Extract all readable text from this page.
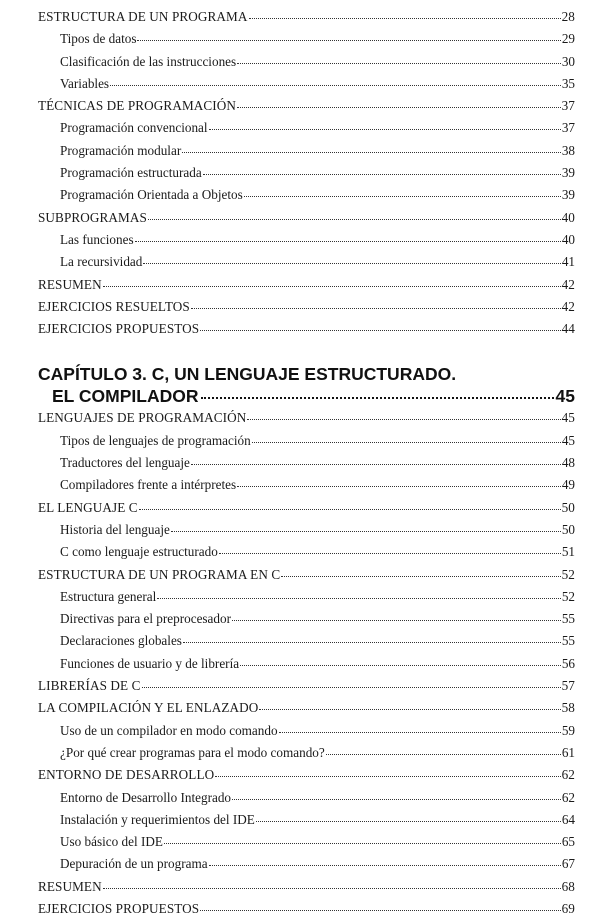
ESTRUCTURA DE UN PROGRAMA	28
Tipos de datos	29
Clasificación de las instrucciones	30
Variables	35
TÉCNICAS DE PROGRAMACIÓN	37
Programación convencional	37
Programación modular	38
Programación estructurada	39
Programación Orientada a Objetos	39
SUBPROGRAMAS	40
Las funciones	40
La recursividad	41
RESUMEN	42
EJERCICIOS RESUELTOS	42
EJERCICIOS PROPUESTOS	44
CAPÍTULO 3. C, UN LENGUAJE ESTRUCTURADO.
EL COMPILADOR	45
LENGUAJES DE PROGRAMACIÓN	45
Tipos de lenguajes de programación	45
Traductores del lenguaje	48
Compiladores frente a intérpretes	49
EL LENGUAJE C	50
Historia del lenguaje	50
C como lenguaje estructurado	51
ESTRUCTURA DE UN PROGRAMA EN C	52
Estructura general	52
Directivas para el preprocesador	55
Declaraciones globales	55
Funciones de usuario y de librería	56
LIBRERÍAS DE C	57
LA COMPILACIÓN Y EL ENLAZADO	58
Uso de un compilador en modo comando	59
¿Por qué crear programas para el modo comando?	61
ENTORNO DE DESARROLLO	62
Entorno de Desarrollo Integrado	62
Instalación y requerimientos del IDE	64
Uso básico del IDE	65
Depuración de un programa	67
RESUMEN	68
EJERCICIOS PROPUESTOS	69
